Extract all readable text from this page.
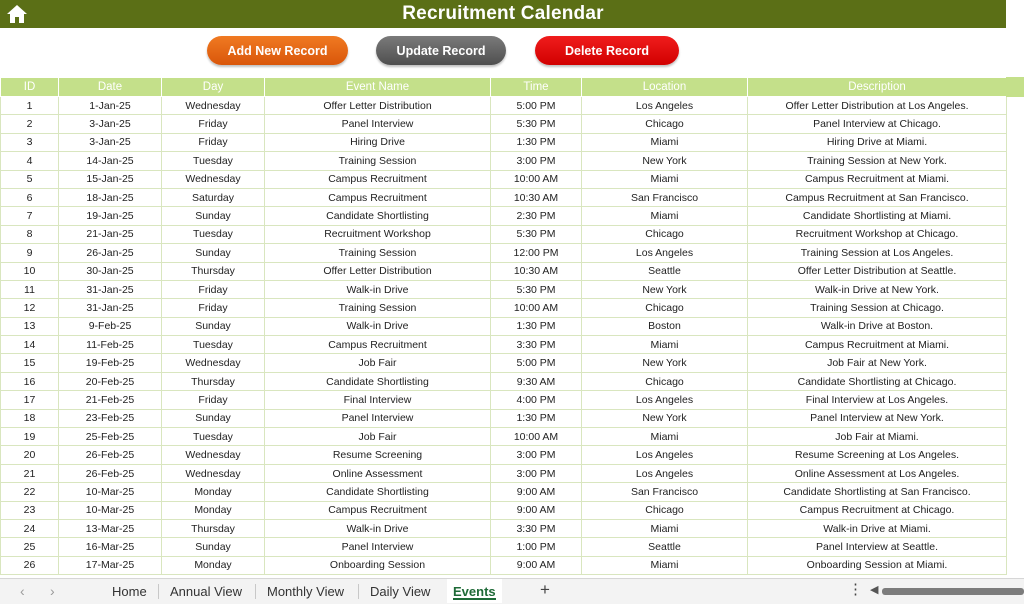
Recruitment Calendar
Add New Record	Update Record	Delete Record
ID	Date	Day	Event Name	Time	Location	Description
1	1-Jan-25	Wednesday	Offer Letter Distribution	5:00 PM	Los Angeles	Offer Letter Distribution at Los Angeles.
2	3-Jan-25	Friday	Panel Interview	5:30 PM	Chicago	Panel Interview at Chicago.
3	3-Jan-25	Friday	Hiring Drive	1:30 PM	Miami	Hiring Drive at Miami.
4	14-Jan-25	Tuesday	Training Session	3:00 PM	New York	Training Session at New York.
5	15-Jan-25	Wednesday	Campus Recruitment	10:00 AM	Miami	Campus Recruitment at Miami.
6	18-Jan-25	Saturday	Campus Recruitment	10:30 AM	San Francisco	Campus Recruitment at San Francisco.
7	19-Jan-25	Sunday	Candidate Shortlisting	2:30 PM	Miami	Candidate Shortlisting at Miami.
8	21-Jan-25	Tuesday	Recruitment Workshop	5:30 PM	Chicago	Recruitment Workshop at Chicago.
9	26-Jan-25	Sunday	Training Session	12:00 PM	Los Angeles	Training Session at Los Angeles.
10	30-Jan-25	Thursday	Offer Letter Distribution	10:30 AM	Seattle	Offer Letter Distribution at Seattle.
11	31-Jan-25	Friday	Walk-in Drive	5:30 PM	New York	Walk-in Drive at New York.
12	31-Jan-25	Friday	Training Session	10:00 AM	Chicago	Training Session at Chicago.
13	9-Feb-25	Sunday	Walk-in Drive	1:30 PM	Boston	Walk-in Drive at Boston.
14	11-Feb-25	Tuesday	Campus Recruitment	3:30 PM	Miami	Campus Recruitment at Miami.
15	19-Feb-25	Wednesday	Job Fair	5:00 PM	New York	Job Fair at New York.
16	20-Feb-25	Thursday	Candidate Shortlisting	9:30 AM	Chicago	Candidate Shortlisting at Chicago.
17	21-Feb-25	Friday	Final Interview	4:00 PM	Los Angeles	Final Interview at Los Angeles.
18	23-Feb-25	Sunday	Panel Interview	1:30 PM	New York	Panel Interview at New York.
19	25-Feb-25	Tuesday	Job Fair	10:00 AM	Miami	Job Fair at Miami.
20	26-Feb-25	Wednesday	Resume Screening	3:00 PM	Los Angeles	Resume Screening at Los Angeles.
21	26-Feb-25	Wednesday	Online Assessment	3:00 PM	Los Angeles	Online Assessment at Los Angeles.
22	10-Mar-25	Monday	Candidate Shortlisting	9:00 AM	San Francisco	Candidate Shortlisting at San Francisco.
23	10-Mar-25	Monday	Campus Recruitment	9:00 AM	Chicago	Campus Recruitment at Chicago.
24	13-Mar-25	Thursday	Walk-in Drive	3:30 PM	Miami	Walk-in Drive at Miami.
25	16-Mar-25	Sunday	Panel Interview	1:00 PM	Seattle	Panel Interview at Seattle.
26	17-Mar-25	Monday	Onboarding Session	9:00 AM	Miami	Onboarding Session at Miami.
‹ ›	Home	Annual View	Monthly View	Daily View	Events	+	⋮ ◀
